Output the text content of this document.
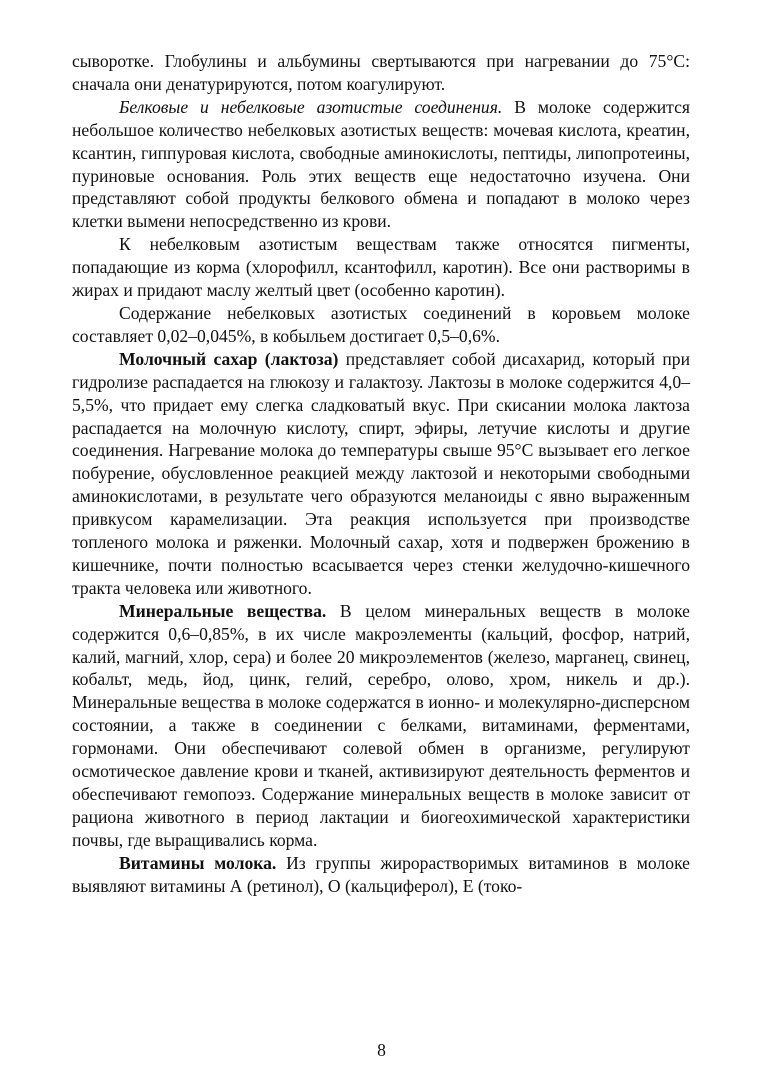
сыворотке. Глобулины и альбумины свертываются при нагревании до 75°С: сначала они денатурируются, потом коагулируют.

Белковые и небелковые азотистые соединения. В молоке содержится небольшое количество небелковых азотистых веществ: мочевая кислота, креатин, ксантин, гиппуровая кислота, свободные аминокислоты, пептиды, липопротеины, пуриновые основания. Роль этих веществ еще недостаточно изучена. Они представляют собой продукты белкового обмена и попадают в молоко через клетки вымени непосредственно из крови.

К небелковым азотистым веществам также относятся пигменты, попадающие из корма (хлорофилл, ксантофилл, каротин). Все они растворимы в жирах и придают маслу желтый цвет (особенно каротин).

Содержание небелковых азотистых соединений в коровьем молоке составляет 0,02–0,045%, в кобыльем достигает 0,5–0,6%.

Молочный сахар (лактоза) представляет собой дисахарид, который при гидролизе распадается на глюкозу и галактозу. Лактозы в молоке содержится 4,0–5,5%, что придает ему слегка сладковатый вкус. При скисании молока лактоза распадается на молочную кислоту, спирт, эфиры, летучие кислоты и другие соединения. Нагревание молока до температуры свыше 95°С вызывает его легкое побурение, обусловленное реакцией между лактозой и некоторыми свободными аминокислотами, в результате чего образуются меланоиды с явно выраженным привкусом карамелизации. Эта реакция используется при производстве топленого молока и ряженки. Молочный сахар, хотя и подвержен брожению в кишечнике, почти полностью всасывается через стенки желудочно-кишечного тракта человека или животного.

Минеральные вещества. В целом минеральных веществ в молоке содержится 0,6–0,85%, в их числе макроэлементы (кальций, фосфор, натрий, калий, магний, хлор, сера) и более 20 микроэлементов (железо, марганец, свинец, кобальт, медь, йод, цинк, гелий, серебро, олово, хром, никель и др.). Минеральные вещества в молоке содержатся в ионно- и молекулярно-дисперсном состоянии, а также в соединении с белками, витаминами, ферментами, гормонами. Они обеспечивают солевой обмен в организме, регулируют осмотическое давление крови и тканей, активизируют деятельность ферментов и обеспечивают гемопоэз. Содержание минеральных веществ в молоке зависит от рациона животного в период лактации и биогеохимической характеристики почвы, где выращивались корма.

Витамины молока. Из группы жирорастворимых витаминов в молоке выявляют витамины А (ретинол), О (кальциферол), Е (токо-

8
